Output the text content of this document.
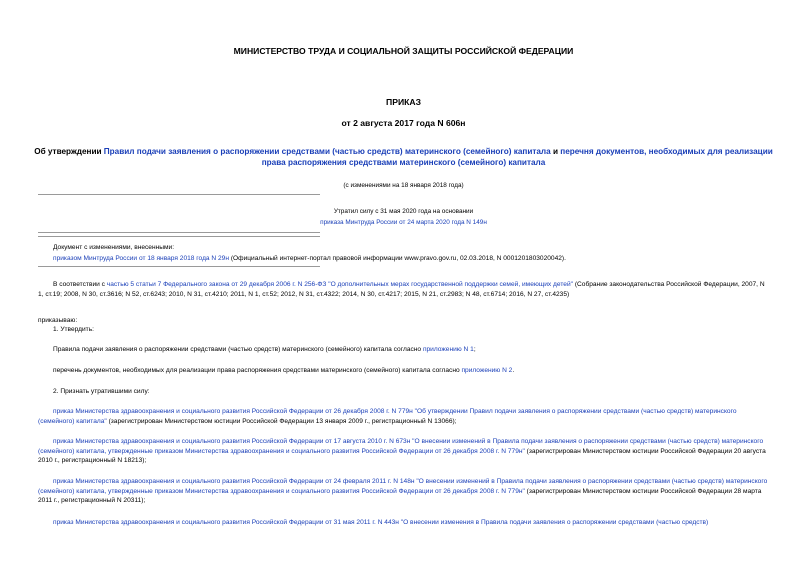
МИНИСТЕРСТВО ТРУДА И СОЦИАЛЬНОЙ ЗАЩИТЫ РОССИЙСКОЙ ФЕДЕРАЦИИ
ПРИКАЗ
от 2 августа 2017 года N 606н
Об утверждении Правил подачи заявления о распоряжении средствами (частью средств) материнского (семейного) капитала и перечня документов, необходимых для реализации права распоряжения средствами материнского (семейного) капитала
(с изменениями на 18 января 2018 года)
Утратил силу с 31 мая 2020 года на основании
приказа Минтруда России от 24 марта 2020 года N 149н
Документ с изменениями, внесенными:
приказом Минтруда России от 18 января 2018 года N 29н (Официальный интернет-портал правовой информации www.pravo.gov.ru, 02.03.2018, N 0001201803020042).
В соответствии с частью 5 статьи 7 Федерального закона от 29 декабря 2006 г. N 256-ФЗ "О дополнительных мерах государственной поддержки семей, имеющих детей" (Собрание законодательства Российской Федерации, 2007, N 1, ст.19; 2008, N 30, ст.3616; N 52, ст.6243; 2010, N 31, ст.4210; 2011, N 1, ст.52; 2012, N 31, ст.4322; 2014, N 30, ст.4217; 2015, N 21, ст.2983; N 48, ст.6714; 2016, N 27, ст.4235)
приказываю:
1. Утвердить:
Правила подачи заявления о распоряжении средствами (частью средств) материнского (семейного) капитала согласно приложению N 1;
перечень документов, необходимых для реализации права распоряжения средствами материнского (семейного) капитала согласно приложению N 2.
2. Признать утратившими силу:
приказ Министерства здравоохранения и социального развития Российской Федерации от 26 декабря 2008 г. N 779н "Об утверждении Правил подачи заявления о распоряжении средствами (частью средств) материнского (семейного) капитала" (зарегистрирован Министерством юстиции Российской Федерации 13 января 2009 г., регистрационный N 13066);
приказ Министерства здравоохранения и социального развития Российской Федерации от 17 августа 2010 г. N 673н "О внесении изменений в Правила подачи заявления о распоряжении средствами (частью средств) материнского (семейного) капитала, утвержденные приказом Министерства здравоохранения и социального развития Российской Федерации от 26 декабря 2008 г. N 779н" (зарегистрирован Министерством юстиции Российской Федерации 20 августа 2010 г., регистрационный N 18213);
приказ Министерства здравоохранения и социального развития Российской Федерации от 24 февраля 2011 г. N 148н "О внесении изменений в Правила подачи заявления о распоряжении средствами (частью средств) материнского (семейного) капитала, утвержденные приказом Министерства здравоохранения и социального развития Российской Федерации от 26 декабря 2008 г. N 779н" (зарегистрирован Министерством юстиции Российской Федерации 28 марта 2011 г., регистрационный N 20311);
приказ Министерства здравоохранения и социального развития Российской Федерации от 31 мая 2011 г. N 443н "О внесении изменения в Правила подачи заявления о распоряжении средствами (частью средств)
